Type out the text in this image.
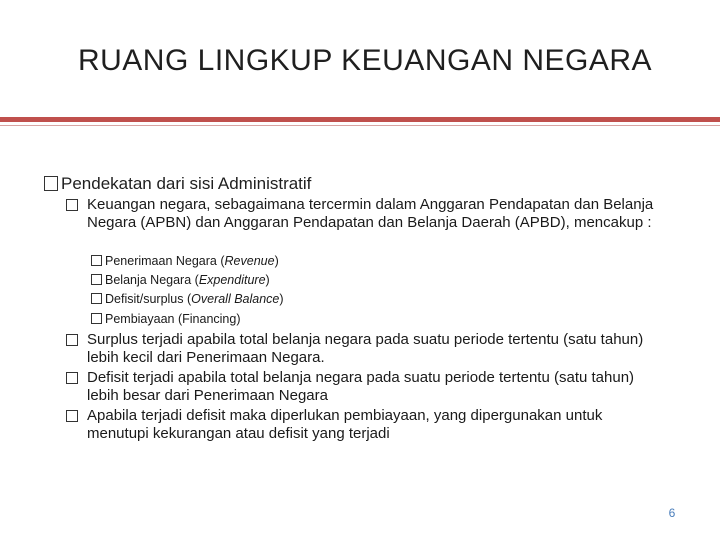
RUANG LINGKUP KEUANGAN NEGARA
Pendekatan dari sisi Administratif
Keuangan negara, sebagaimana tercermin dalam Anggaran Pendapatan dan Belanja Negara (APBN) dan Anggaran Pendapatan dan Belanja Daerah (APBD), mencakup :
Penerimaan Negara (Revenue)
Belanja Negara (Expenditure)
Defisit/surplus (Overall Balance)
Pembiayaan (Financing)
Surplus terjadi apabila total belanja negara pada suatu periode tertentu (satu tahun) lebih kecil dari Penerimaan Negara.
Defisit terjadi apabila total belanja negara pada suatu periode tertentu (satu tahun) lebih besar dari Penerimaan Negara
Apabila terjadi defisit maka diperlukan pembiayaan, yang dipergunakan untuk menutupi kekurangan atau defisit yang terjadi
6
